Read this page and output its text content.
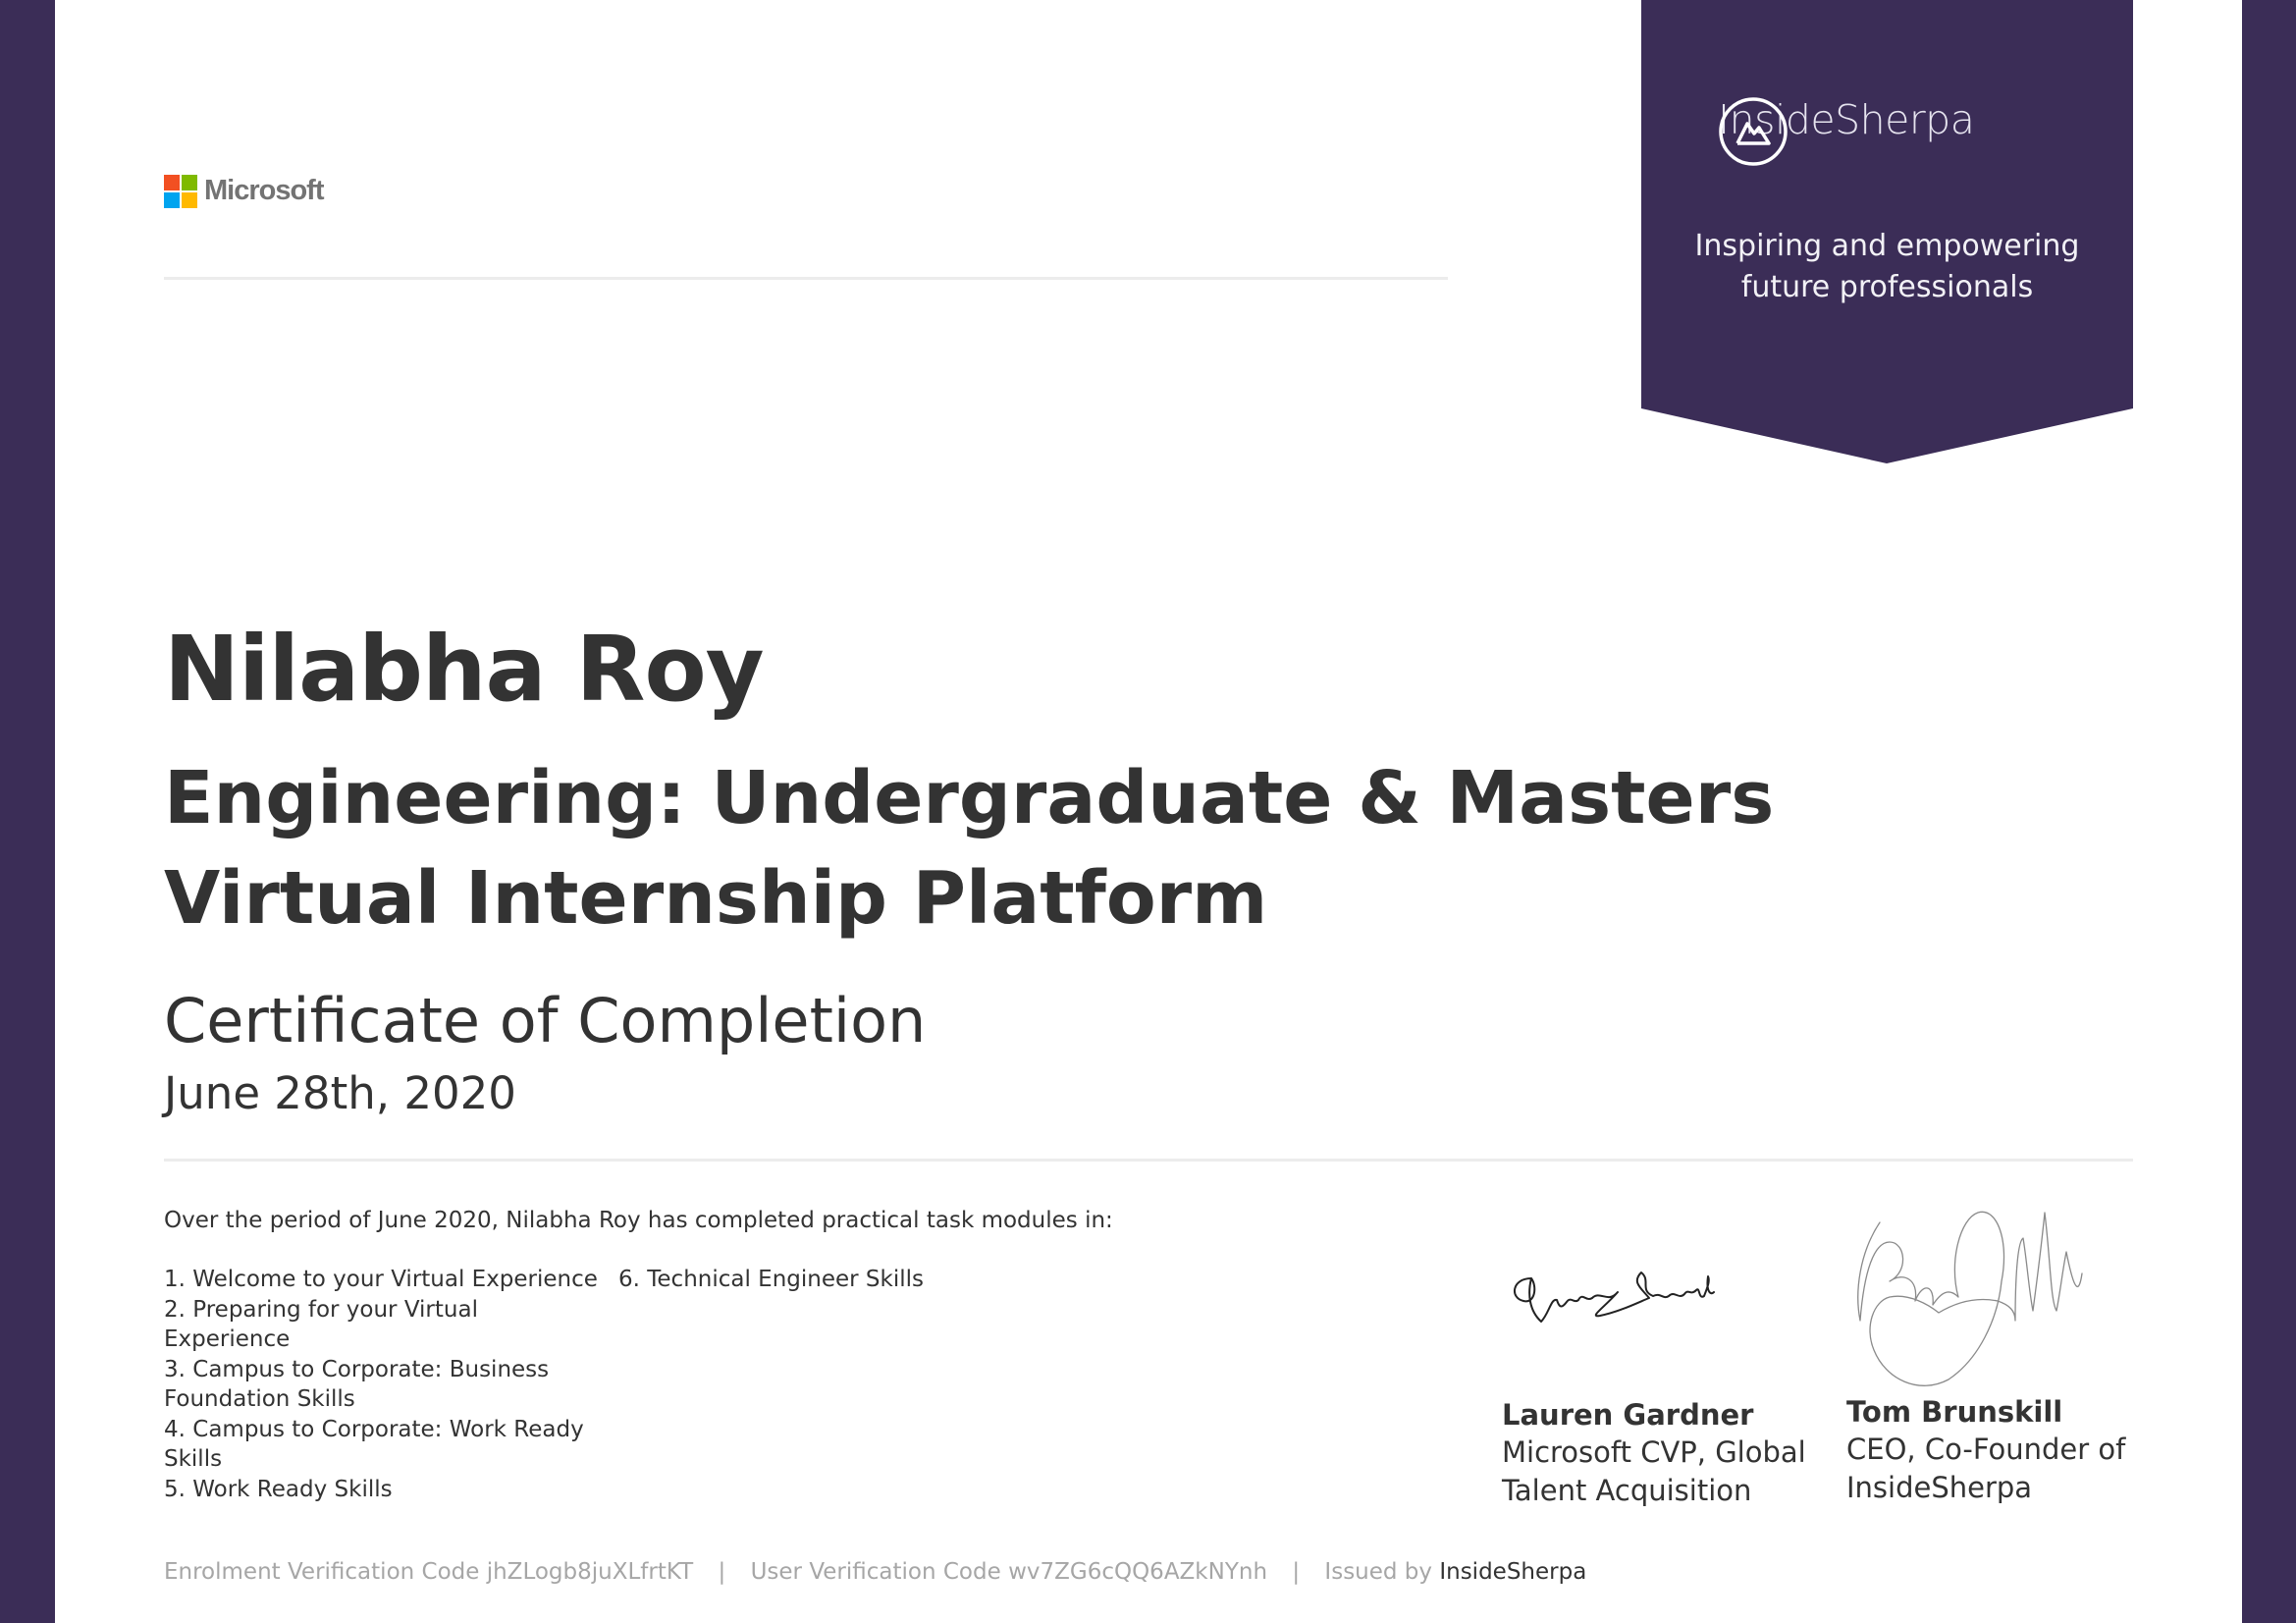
Microsoft
InsideSherpa
Inspiring and empowering
future professionals
Nilabha Roy
Engineering: Undergraduate & Masters
Virtual Internship Platform
Certificate of Completion
June 28th, 2020
Over the period of June 2020, Nilabha Roy has completed practical task modules in:
1. Welcome to your Virtual Experience
2. Preparing for your Virtual Experience
3. Campus to Corporate: Business Foundation Skills
4. Campus to Corporate: Work Ready Skills
5. Work Ready Skills
6. Technical Engineer Skills
Lauren Gardner
Microsoft CVP, Global
Talent Acquisition
Tom Brunskill
CEO, Co-Founder of
InsideSherpa
Enrolment Verification Code jhZLogb8juXLfrtKT | User Verification Code wv7ZG6cQQ6AZkNYnh | Issued by InsideSherpa
